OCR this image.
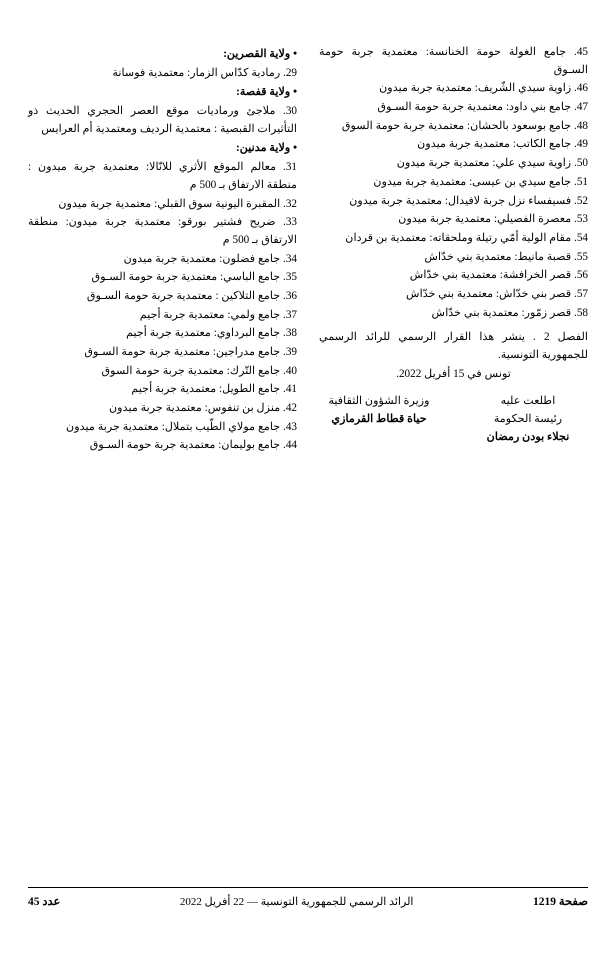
• ولاية القصرين:
29. رمادية كدّاس الزمار: معتمدية فوسانة
• ولاية قفصة:
30. ملاجئ ورماديات موقع العصر الحجري الحديث ذو التأثيرات القبصية : معتمدية الرديف ومعتمدية أم العرايس
• ولاية مدنين:
31. معالم الموقع الأثري للانّالا: معتمدية جربة ميدون : منطقة الارتفاق بـ 500 م
32. المقبرة اليونية سوق القبلي: معتمدية جربة ميدون
33. ضريح فشتير بورقو: معتمدية جربة ميدون: منطقة الارتفاق بـ 500 م
34. جامع فضلون: معتمدية جربة ميدون
35. جامع الباسي: معتمدية جربة حومة السـوق
36. جامع التلاكين : معتمدية جربة حومة السـوق
37. جامع ولمي: معتمدية جربة أجيم
38. جامع البرداوي: معتمدية جربة أجيم
39. جامع مدراجين: معتمدية جربة حومة السـوق
40. جامع التّرك: معتمدية جربة حومة السوق
41. جامع الطويل: معتمدية جربة أجيم
42. منزل بن تنفوس: معتمدية جربة ميدون
43. جامع مولاي الطّيب بتملال: معتمدية جربة ميدون
44. جامع بوليمان: معتمدية جربة حومة السـوق
45. جامع الغولة حومة الخنانسة: معتمدية جربة حومة السـوق
46. زاوية سيدي الشّريف: معتمدية جربة ميدون
47. جامع بني داود: معتمدية جربة حومة السـوق
48. جامع بوسعود بالحشان: معتمدية جربة حومة السوق
49. جامع الكاتب: معتمدية جربة ميدون
50. زاوية سيدي علي: معتمدية جربة ميدون
51. جامع سيدي بن عيسى: معتمدية جربة ميدون
52. فسيفساء نزل جربة لافيدال: معتمدية جربة ميدون
53. معصرة الفصيلي: معتمدية جربة ميدون
54. مقام الولية أمّي رتيلة وملحقاته: معتمدية بن قردان
55. قصبة مانيط: معتمدية بني خدّاش
56. قصر الخرافشة: معتمدية بني خدّاش
57. قصر بني خدّاش: معتمدية بني خدّاش
58. قصر زمّور: معتمدية بني خدّاش
الفصل 2 . ينشر هذا القرار الرسمي للرائد الرسمي للجمهورية التونسية.
تونس في 15 أفريل 2022.
وزيرة الشؤون الثقافية
حياة قطاط القرمازي
اطلعت عليه
رئيسة الحكومة
نجلاء بودن رمضان
عدد 45	الرائد الرسمي للجمهورية التونسية — 22 أفريل 2022	صفحة 1219
